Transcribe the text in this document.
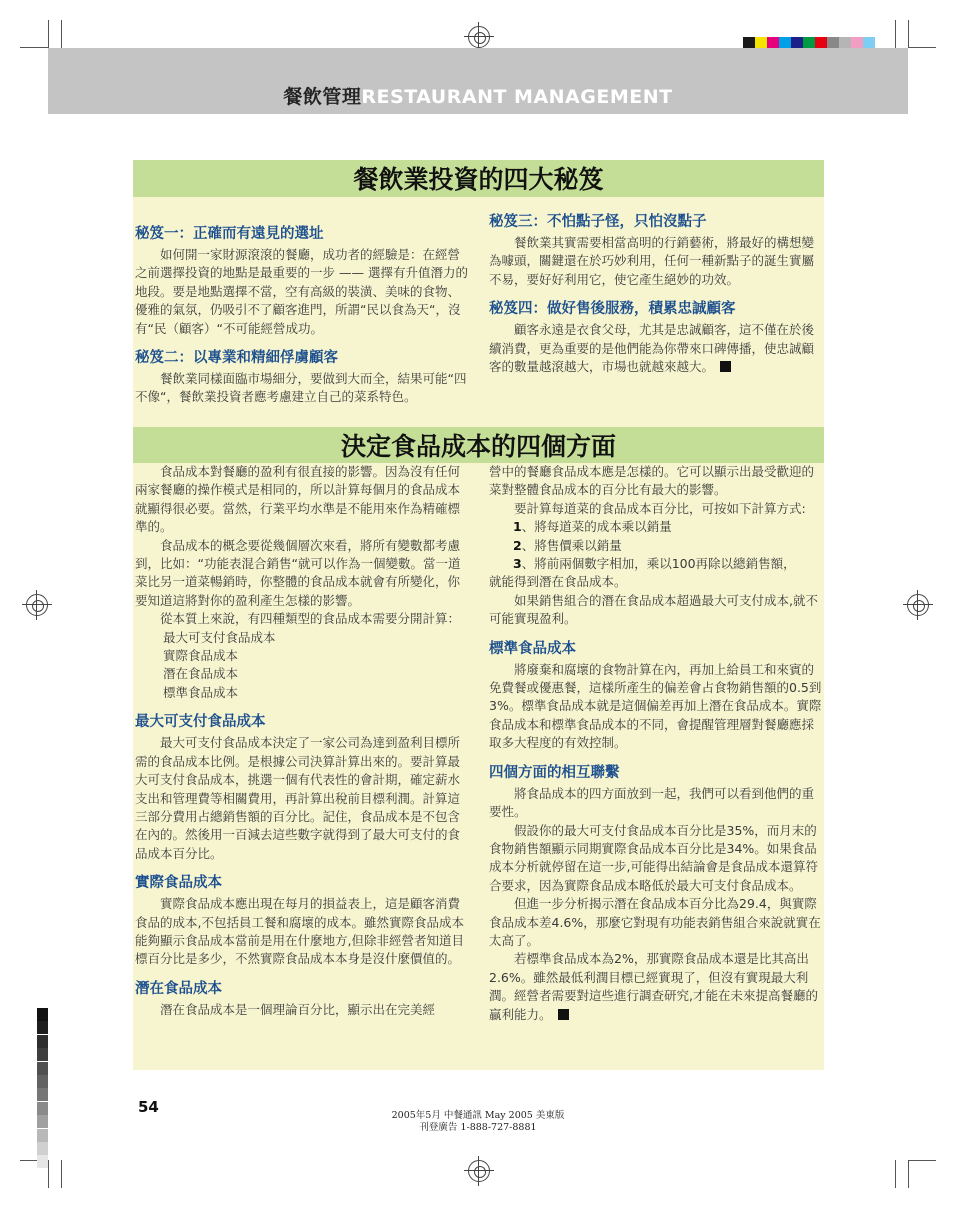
餐飲管理RESTAURANT MANAGEMENT
餐飲業投資的四大秘笈
決定食品成本的四個方面
秘笈一：正確而有遠見的選址

如何開一家財源滾滾的餐廳，成功者的經驗是：在經營之前選擇投資的地點是最重要的一步 —— 選擇有升值潛力的地段。要是地點選擇不當，空有高級的裝潢、美味的食物、優雅的氣氛，仍吸引不了顧客進門，所謂“民以食為天“，沒有“民（顧客）“不可能經營成功。

秘笈二：以專業和精細俘虜顧客

餐飲業同樣面臨市場細分，要做到大而全，結果可能“四不像“，餐飲業投資者應考慮建立自己的菜系特色。

秘笈三：不怕點子怪，只怕沒點子

餐飲業其實需要相當高明的行銷藝術，將最好的構想變為噱頭，關鍵還在於巧妙利用，任何一種新點子的誕生實屬不易，要好好利用它，使它產生絕妙的功效。

秘笈四：做好售後服務，積累忠誠顧客

顧客永遠是衣食父母，尤其是忠誠顧客，這不僅在於後續消費，更為重要的是他們能為你帶來口碑傳播，使忠誠顧客的數量越滾越大，市場也就越來越大。

食品成本對餐廳的盈利有很直接的影響。因為沒有任何兩家餐廳的操作模式是相同的，所以計算每個月的食品成本就顯得很必要。當然，行業平均水準是不能用來作為精確標準的。

食品成本的概念要從幾個層次來看，將所有變數都考慮到，比如：“功能表混合銷售“就可以作為一個變數。當一道菜比另一道菜暢銷時，你整體的食品成本就會有所變化，你要知道這將對你的盈利產生怎樣的影響。

從本質上來說，有四種類型的食品成本需要分開計算：

最大可支付食品成本

實際食品成本

潛在食品成本

標準食品成本

最大可支付食品成本

最大可支付食品成本決定了一家公司為達到盈利目標所需的食品成本比例。是根據公司決算計算出來的。要計算最大可支付食品成本，挑選一個有代表性的會計期，確定薪水支出和管理費等相關費用，再計算出稅前目標利潤。計算這三部分費用占總銷售額的百分比。記住，食品成本是不包含在內的。然後用一百減去這些數字就得到了最大可支付的食品成本百分比。

實際食品成本

實際食品成本應出現在每月的損益表上，這是顧客消費食品的成本,不包括員工餐和腐壞的成本。雖然實際食品成本能夠顯示食品成本當前是用在什麼地方,但除非經營者知道目標百分比是多少，不然實際食品成本本身是沒什麼價值的。

潛在食品成本

潛在食品成本是一個理論百分比，顯示出在完美經

營中的餐廳食品成本應是怎樣的。它可以顯示出最受歡迎的菜對整體食品成本的百分比有最大的影響。

要計算每道菜的食品成本百分比，可按如下計算方式:

1、將每道菜的成本乘以銷量

2、將售價乘以銷量

3、將前兩個數字相加，乘以100再除以總銷售額，

就能得到潛在食品成本。

如果銷售組合的潛在食品成本超過最大可支付成本,就不可能實現盈利。

標準食品成本

將廢棄和腐壞的食物計算在內，再加上給員工和來賓的免費餐或優惠餐，這樣所產生的偏差會占食物銷售額的0.5到3%。標準食品成本就是這個偏差再加上潛在食品成本。實際食品成本和標準食品成本的不同，會提醒管理層對餐廳應採取多大程度的有效控制。

四個方面的相互聯繫

將食品成本的四方面放到一起，我們可以看到他們的重要性。

假設你的最大可支付食品成本百分比是35%，而月末的食物銷售額顯示同期實際食品成本百分比是34%。如果食品成本分析就停留在這一步,可能得出結論會是食品成本還算符合要求，因為實際食品成本略低於最大可支付食品成本。

但進一步分析揭示潛在食品成本百分比為29.4，與實際食品成本差4.6%，那麼它對現有功能表銷售組合來說就實在太高了。

若標準食品成本為2%，那實際食品成本還是比其高出2.6%。雖然最低利潤目標已經實現了，但沒有實現最大利潤。經營者需要對這些進行調查研究,才能在未來提高餐廳的贏利能力。

54	2005年5月 中餐通訊 May 2005 美東版
刊登廣告 1-888-727-8881
